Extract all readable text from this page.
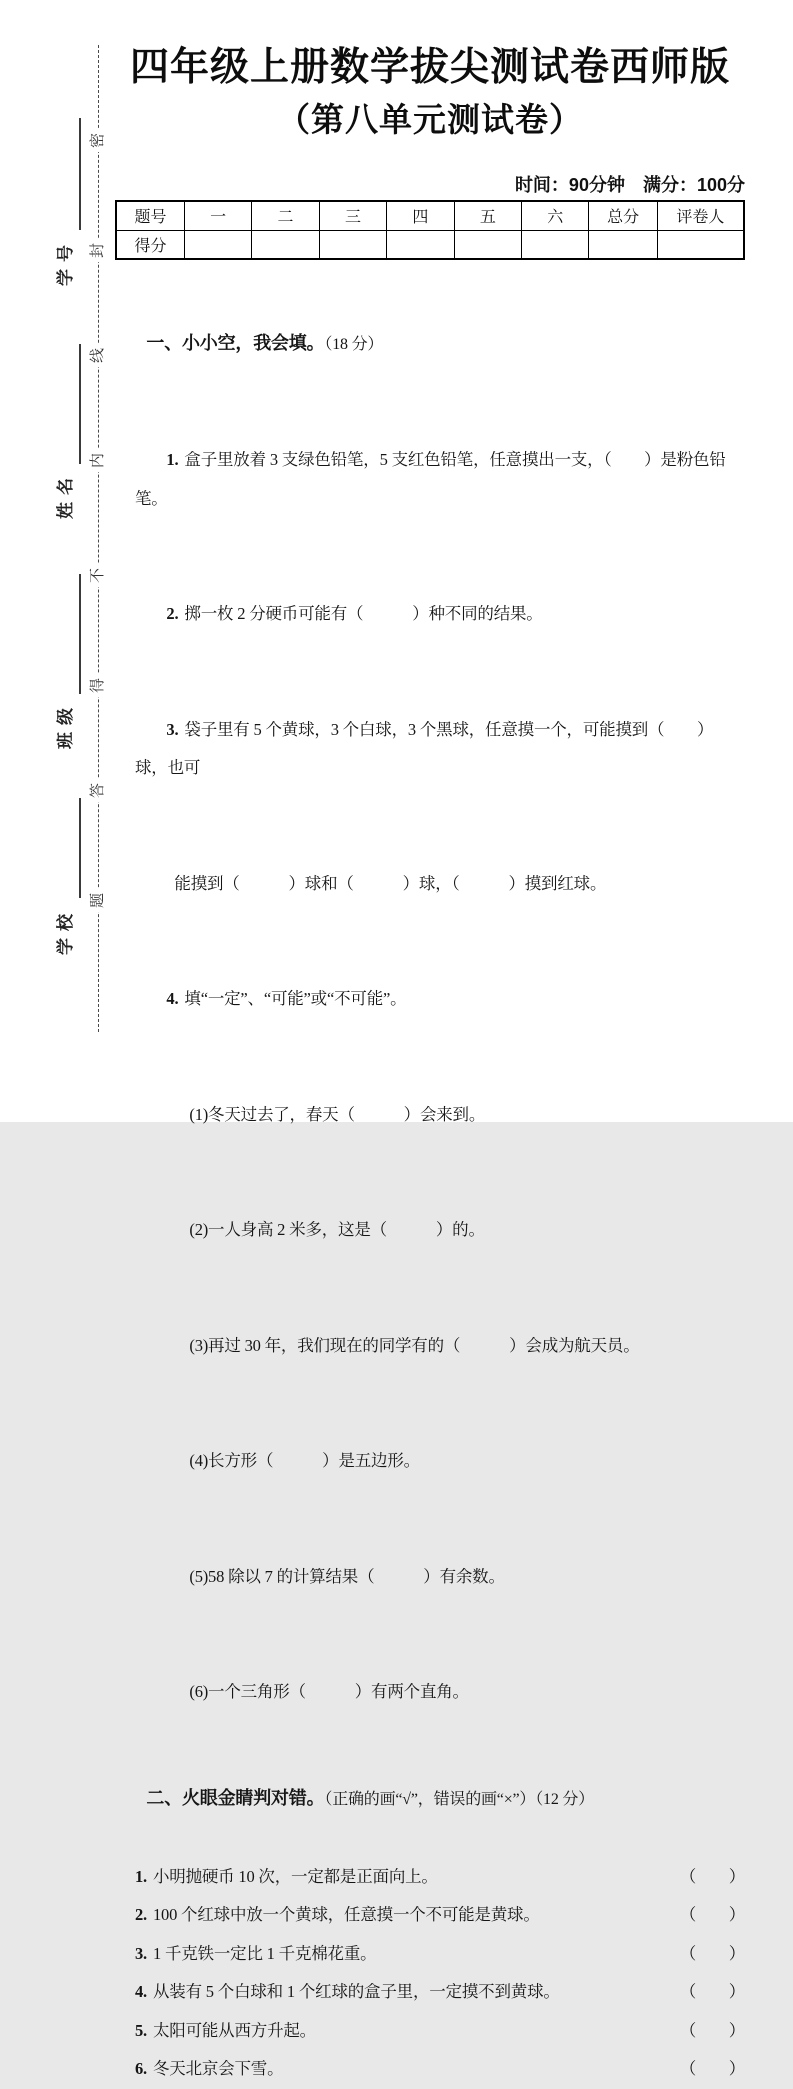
密
封
线
内
不
得
答
题
学号
姓名
班级
学校
四年级上册数学拔尖测试卷西师版
（第八单元测试卷）
时间：90分钟　满分：100分
题号	一	二	三	四	五	六	总分	评卷人
得分								

一、小小空，我会填。（18 分）

1. 盒子里放着 3 支绿色铅笔，5 支红色铅笔，任意摸出一支，（　　）是粉色铅笔。

2. 掷一枚 2 分硬币可能有（　　　）种不同的结果。

3. 袋子里有 5 个黄球，3 个白球，3 个黑球，任意摸一个，可能摸到（　　）球，也可

能摸到（　　　）球和（　　　）球，（　　　）摸到红球。

4. 填“一定”、“可能”或“不可能”。

(1)冬天过去了，春天（　　　）会来到。

(2)一人身高 2 米多，这是（　　　）的。

(3)再过 30 年，我们现在的同学有的（　　　）会成为航天员。

(4)长方形（　　　）是五边形。

(5)58 除以 7 的计算结果（　　　）有余数。

(6)一个三角形（　　　）有两个直角。

二、火眼金睛判对错。（正确的画“√”，错误的画“×”）（12 分）

1. 小明抛硬币 10 次，一定都是正面向上。	（　　）
2. 100 个红球中放一个黄球，任意摸一个不可能是黄球。	（　　）
3. 1 千克铁一定比 1 千克棉花重。	（　　）
4. 从装有 5 个白球和 1 个红球的盒子里，一定摸不到黄球。	（　　）
5. 太阳可能从西方升起。	（　　）
6. 冬天北京会下雪。	（　　）
